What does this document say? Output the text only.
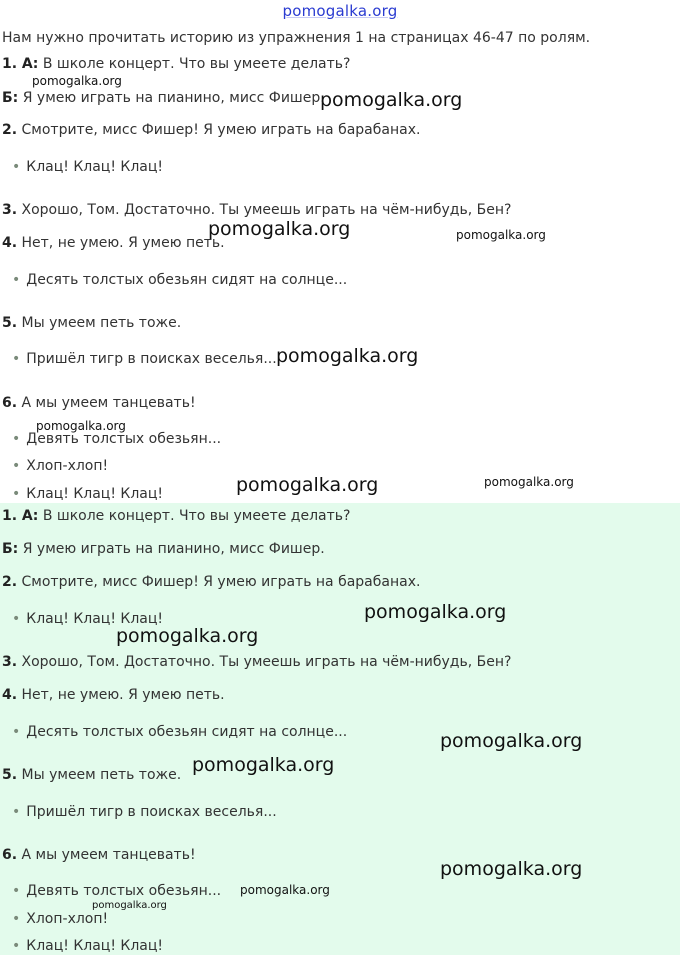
pomogalka.org
Нам нужно прочитать историю из упражнения 1 на страницах 46-47 по ролям.
1. А: В школе концерт. Что вы умеете делать?
Б: Я умею играть на пианино, мисс Фишер.
2. Смотрите, мисс Фишер! Я умею играть на барабанах.
• Клац! Клац! Клац!
3. Хорошо, Том. Достаточно. Ты умеешь играть на чём-нибудь, Бен?
4. Нет, не умею. Я умею петь.
• Десять толстых обезьян сидят на солнце...
5. Мы умеем петь тоже.
• Пришёл тигр в поисках веселья...
6. А мы умеем танцевать!
• Девять толстых обезьян...
• Хлоп-хлоп!
• Клац! Клац! Клац!
1. А: В школе концерт. Что вы умеете делать?
Б: Я умею играть на пианино, мисс Фишер.
2. Смотрите, мисс Фишер! Я умею играть на барабанах.
• Клац! Клац! Клац!
3. Хорошо, Том. Достаточно. Ты умеешь играть на чём-нибудь, Бен?
4. Нет, не умею. Я умею петь.
• Десять толстых обезьян сидят на солнце...
5. Мы умеем петь тоже.
• Пришёл тигр в поисках веселья...
6. А мы умеем танцевать!
• Девять толстых обезьян...
• Хлоп-хлоп!
• Клац! Клац! Клац!
pomogalka.org
pomogalka.org
pomogalka.org	pomogalka.org
pomogalka.org
pomogalka.org
pomogalka.org	pomogalka.org
pomogalka.org
pomogalka.org
pomogalka.org
pomogalka.org
pomogalka.org
pomogalka.org
pomogalka.org
